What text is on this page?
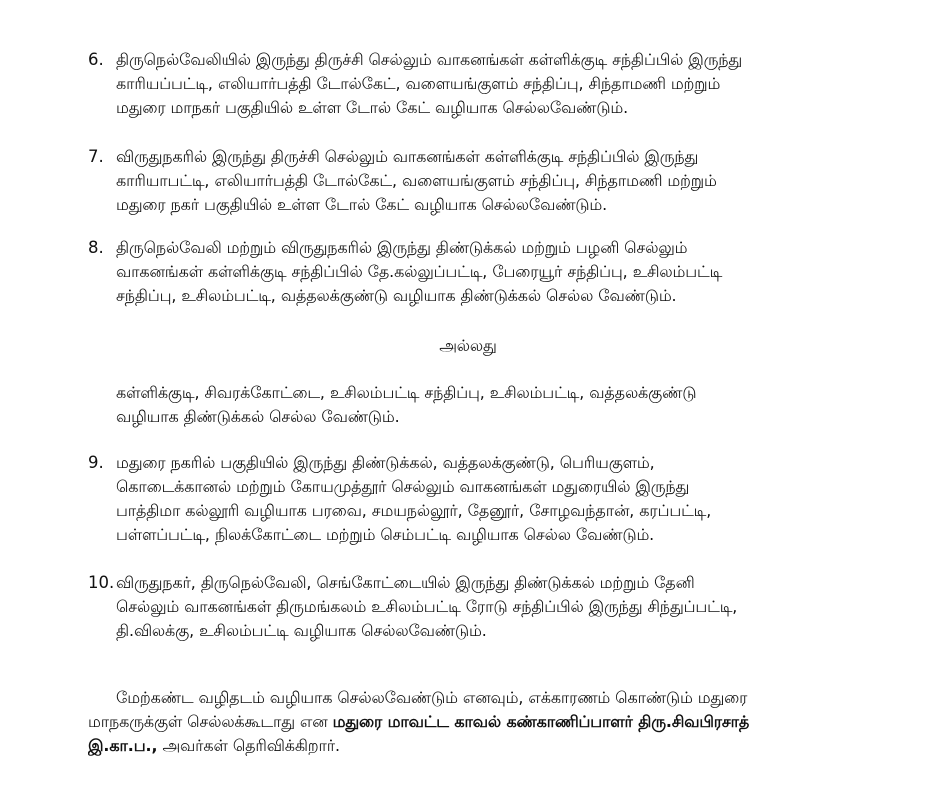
6. திருநெல்வேலியில் இருந்து திருச்சி செல்லும் வாகனங்கள் கள்ளிக்குடி சந்திப்பில் இருந்து
காரியப்பட்டி, எலியார்பத்தி டோல்கேட், வளையங்குளம் சந்திப்பு, சிந்தாமணி மற்றும்
மதுரை மாநகர் பகுதியில் உள்ள டோல் கேட் வழியாக செல்லவேண்டும்.
7. விருதுநகரில் இருந்து திருச்சி செல்லும் வாகனங்கள் கள்ளிக்குடி சந்திப்பில் இருந்து
காரியாபட்டி, எலியார்பத்தி டோல்கேட், வளையங்குளம் சந்திப்பு, சிந்தாமணி மற்றும்
மதுரை நகர் பகுதியில் உள்ள டோல் கேட் வழியாக செல்லவேண்டும்.
8. திருநெல்வேலி மற்றும் விருதுநகரில் இருந்து திண்டுக்கல் மற்றும் பழனி செல்லும்
வாகனங்கள் கள்ளிக்குடி சந்திப்பில் தே.கல்லுப்பட்டி, பேரையூர் சந்திப்பு, உசிலம்பட்டி
சந்திப்பு, உசிலம்பட்டி, வத்தலக்குண்டு வழியாக திண்டுக்கல் செல்ல வேண்டும்.
அல்லது
கள்ளிக்குடி, சிவரக்கோட்டை, உசிலம்பட்டி சந்திப்பு, உசிலம்பட்டி, வத்தலக்குண்டு
வழியாக திண்டுக்கல் செல்ல வேண்டும்.
9. மதுரை நகரில் பகுதியில் இருந்து திண்டுக்கல், வத்தலக்குண்டு, பெரியகுளம்,
கொடைக்கானல் மற்றும் கோயமுத்தூர் செல்லும் வாகனங்கள் மதுரையில் இருந்து
பாத்திமா கல்லூரி வழியாக பரவை, சமயநல்லூர், தேனூர், சோழவந்தான், கரப்பட்டி,
பள்ளப்பட்டி, நிலக்கோட்டை மற்றும் செம்பட்டி வழியாக செல்ல வேண்டும்.
10. விருதுநகர், திருநெல்வேலி, செங்கோட்டையில் இருந்து திண்டுக்கல் மற்றும் தேனி
செல்லும் வாகனங்கள் திருமங்கலம் உசிலம்பட்டி ரோடு சந்திப்பில் இருந்து சிந்துப்பட்டி,
தி.விலக்கு, உசிலம்பட்டி வழியாக செல்லவேண்டும்.
மேற்கண்ட வழிதடம் வழியாக செல்லவேண்டும் எனவும், எக்காரணம் கொண்டும் மதுரை
மாநகருக்குள் செல்லக்கூடாது என மதுரை மாவட்ட காவல் கண்காணிப்பாளர் திரு.சிவபிரசாத்
இ.கா.ப., அவர்கள் தெரிவிக்கிறார்.
